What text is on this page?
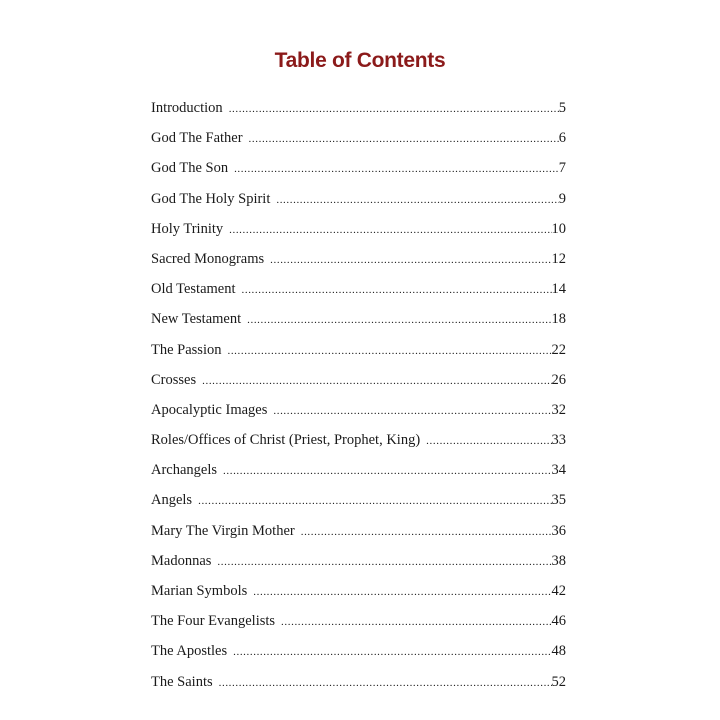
Table of Contents
Introduction .....	5
God The Father .....	6
God The Son .....	7
God The Holy Spirit .....	9
Holy Trinity .....	10
Sacred Monograms .....	12
Old Testament .....	14
New Testament .....	18
The Passion .....	22
Crosses .....	26
Apocalyptic Images .....	32
Roles/Offices of Christ (Priest, Prophet, King) .....	33
Archangels .....	34
Angels .....	35
Mary The Virgin Mother .....	36
Madonnas .....	38
Marian Symbols .....	42
The Four Evangelists .....	46
The Apostles .....	48
The Saints .....	52
